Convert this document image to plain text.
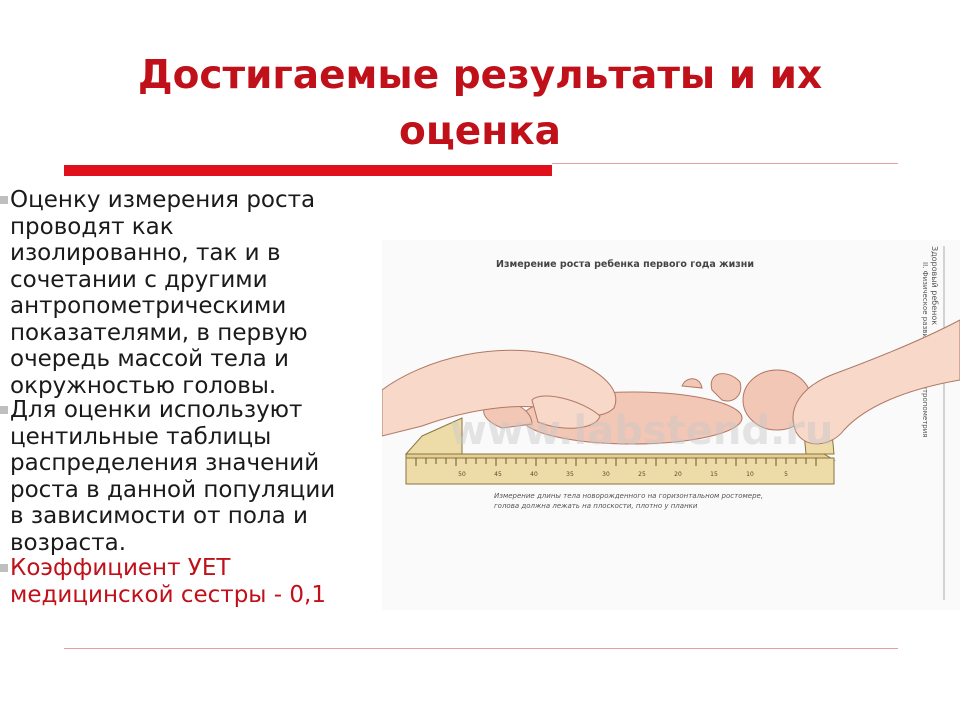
Достигаемые результаты и их
оценка
Оценку измерения роста
проводят как
изолированно, так и в
сочетании с другими
антропометрическими
показателями, в первую
очередь массой тела и
окружностью головы.
Для оценки используют
центильные таблицы
распределения значений
роста в данной популяции
в зависимости от пола и
возраста.
Коэффициент УЕТ
медицинской сестры - 0,1
Измерение роста ребенка первого года жизни	Здоровый ребенок
50	45	40	35	30	25	20	15	10	5
www.labstend.ru
Измерение длины тела новорожденного на горизонтальном ростомере,
голова должна лежать на плоскости, плотно у планки
